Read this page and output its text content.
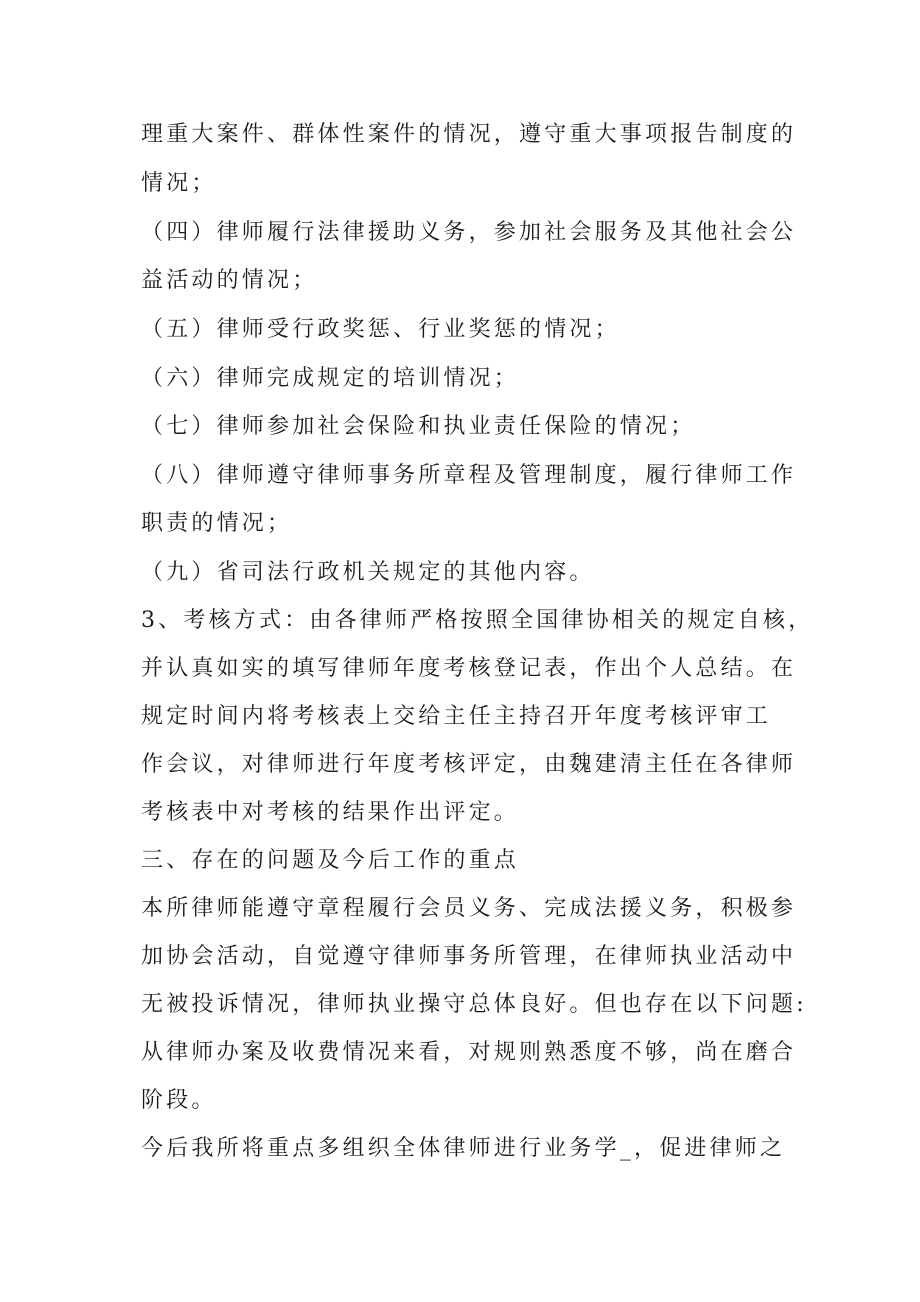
理重大案件、群体性案件的情况，遵守重大事项报告制度的
情况；
（四）律师履行法律援助义务，参加社会服务及其他社会公
益活动的情况；
（五）律师受行政奖惩、行业奖惩的情况；
（六）律师完成规定的培训情况；
（七）律师参加社会保险和执业责任保险的情况；
（八）律师遵守律师事务所章程及管理制度，履行律师工作
职责的情况；
（九）省司法行政机关规定的其他内容。
3、考核方式：由各律师严格按照全国律协相关的规定自核，
并认真如实的填写律师年度考核登记表，作出个人总结。在
规定时间内将考核表上交给主任主持召开年度考核评审工
作会议，对律师进行年度考核评定，由魏建清主任在各律师
考核表中对考核的结果作出评定。
三、存在的问题及今后工作的重点
本所律师能遵守章程履行会员义务、完成法援义务，积极参
加协会活动，自觉遵守律师事务所管理，在律师执业活动中
无被投诉情况，律师执业操守总体良好。但也存在以下问题:
从律师办案及收费情况来看，对规则熟悉度不够，尚在磨合
阶段。
今后我所将重点多组织全体律师进行业务学_，促进律师之
